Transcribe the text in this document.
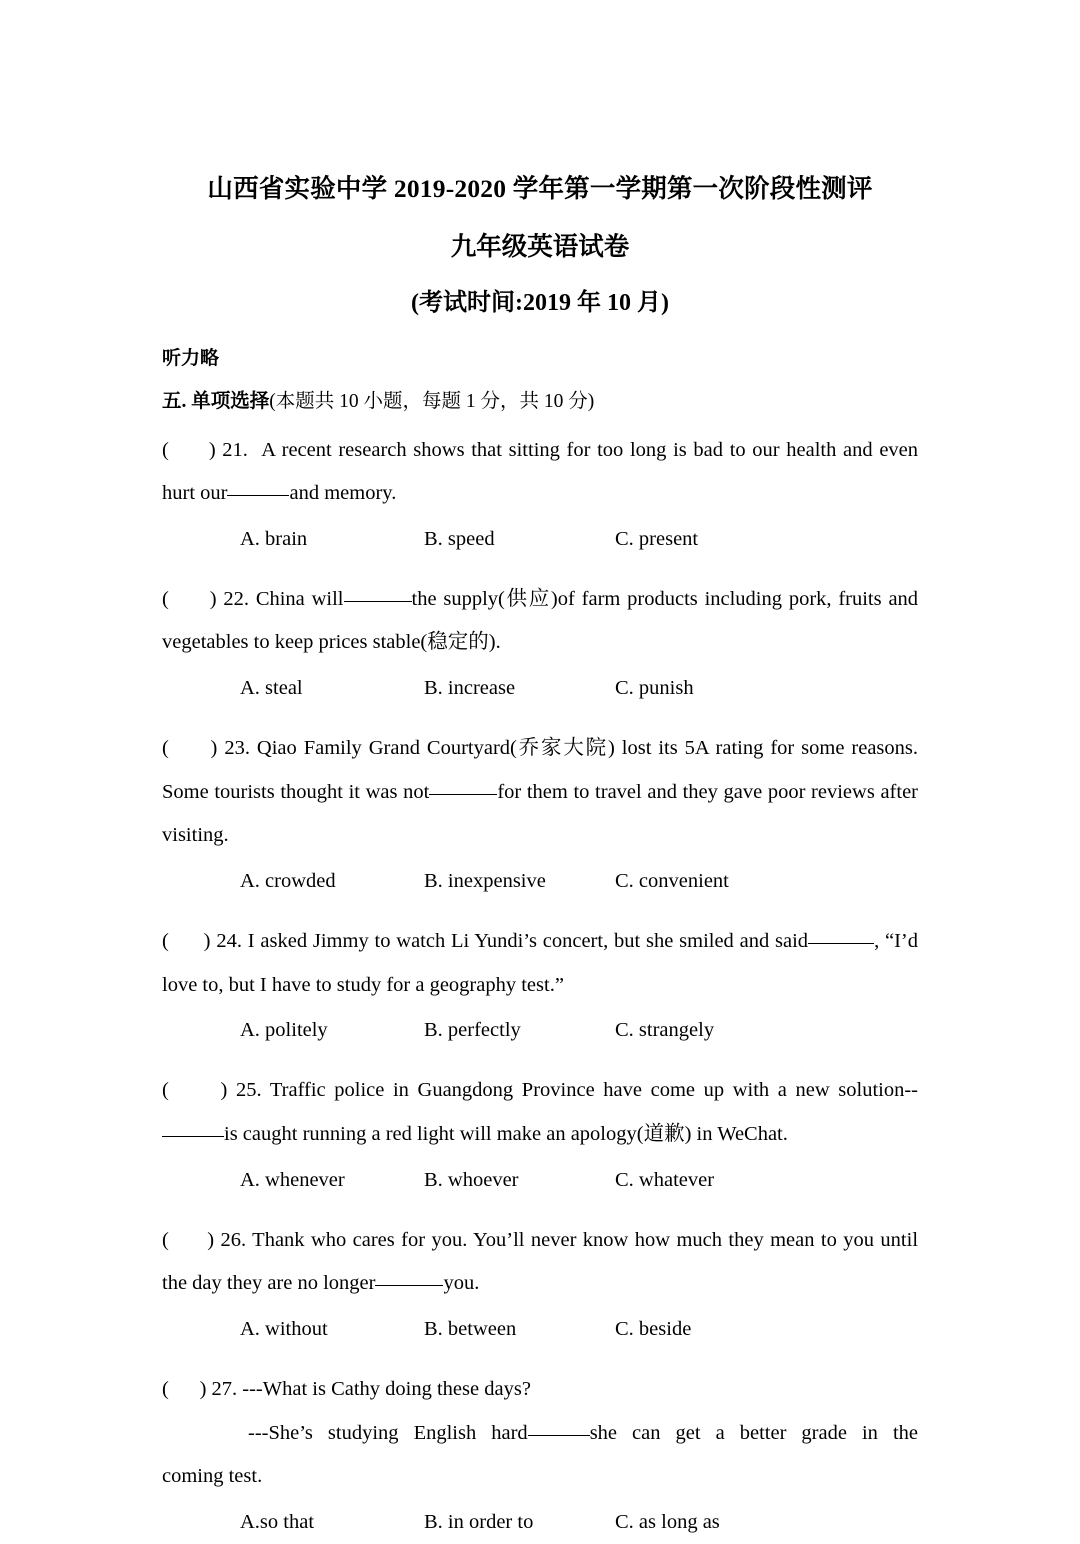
山西省实验中学 2019-2020 学年第一学期第一次阶段性测评
九年级英语试卷
(考试时间:2019 年 10 月)
听力略
五. 单项选择(本题共 10 小题，每题 1 分，共 10 分)
(      ) 21. A recent research shows that sitting for too long is bad to our health and even hurt our	and memory.
A. brain	B. speed	C. present
(      ) 22. China will	the supply(供应)of farm products including pork, fruits and vegetables to keep prices stable(稳定的).
A. steal	B. increase	C. punish
(      ) 23. Qiao Family Grand Courtyard(乔家大院) lost its 5A rating for some reasons. Some tourists thought it was not	for them to travel and they gave poor reviews after visiting.
A. crowded	B. inexpensive	C. convenient
(      ) 24. I asked Jimmy to watch Li Yundi’s concert, but she smiled and said	, “I’d love to, but I have to study for a geography test.”
A. politely	B. perfectly	C. strangely
(      ) 25. Traffic police in Guangdong Province have come up with a new solution-- is caught running a red light will make an apology(道歉) in WeChat.
A. whenever	B. whoever	C. whatever
(      ) 26. Thank who cares for you. You’ll never know how much they mean to you until the day they are no longer	you.
A. without	B. between	C. beside
(      ) 27. ---What is Cathy doing these days?
---She’s studying English hard	she can get a better grade in the
coming test.
A.so that	B. in order to	C. as long as
